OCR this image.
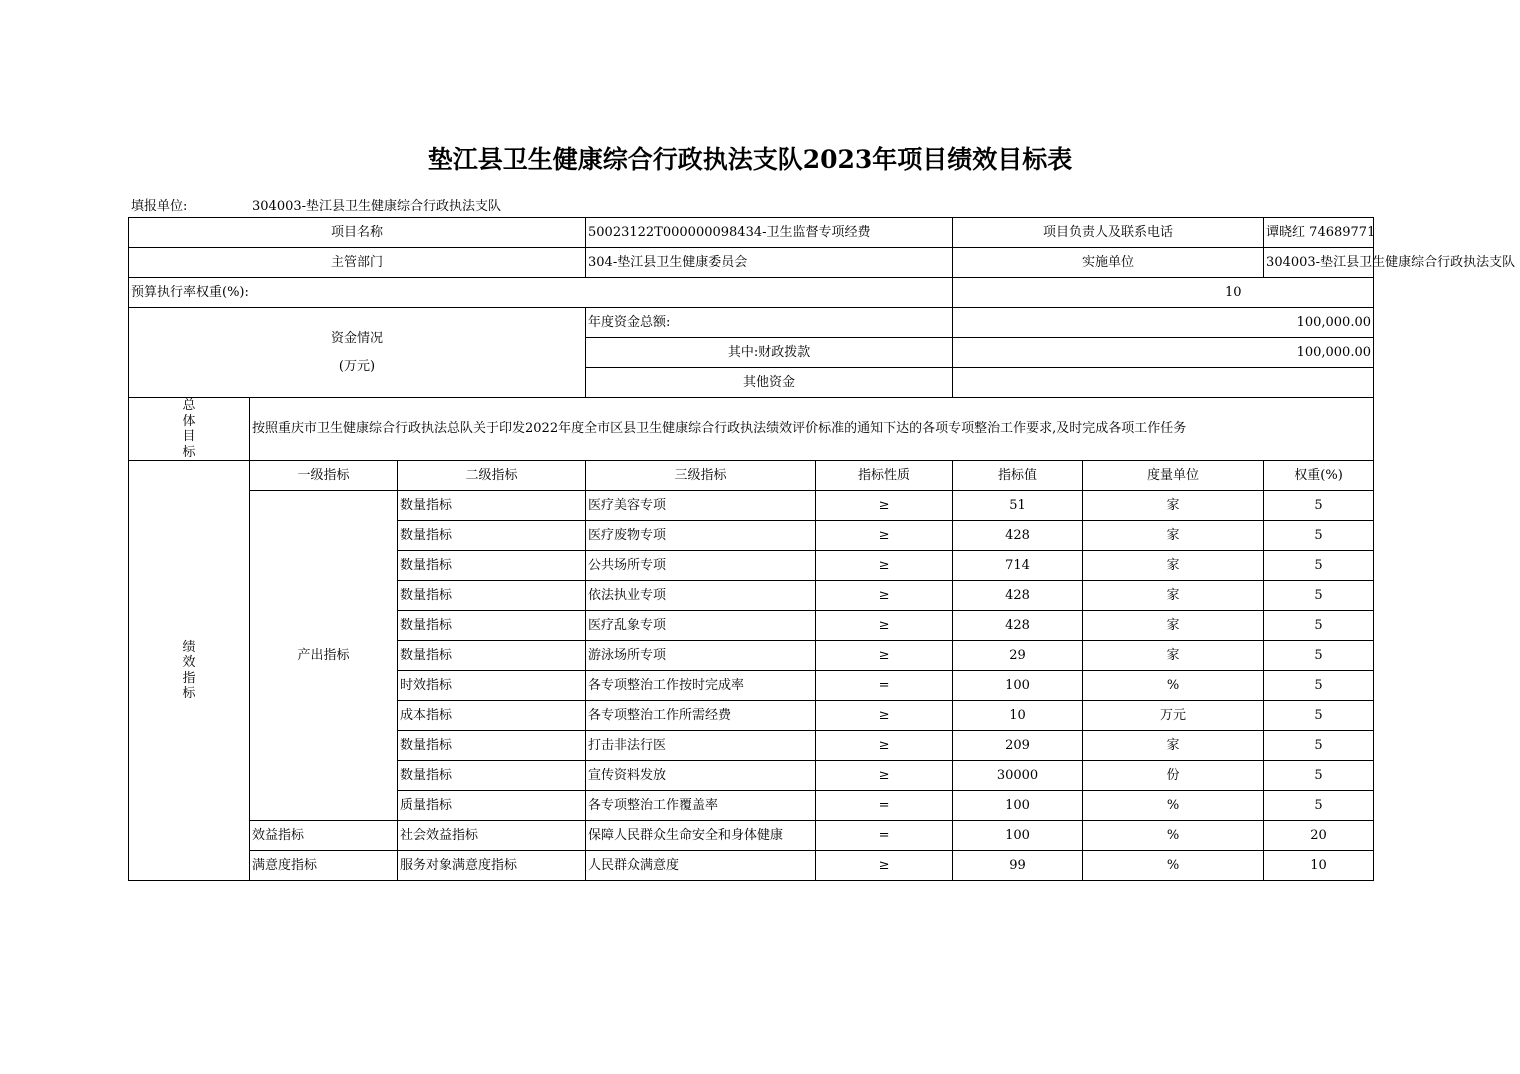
垫江县卫生健康综合行政执法支队2023年项目绩效目标表
填报单位:	304003-垫江县卫生健康综合行政执法支队
项目名称			50023122T000000098434-卫生监督专项经费		项目负责人及联系电话		谭晓红 74689771
主管部门			304-垫江县卫生健康委员会		实施单位		304003-垫江县卫生健康综合行政执法支队
预算执行率权重(%):					10		

资金情况
(万元)			年度资金总额:		100,000.00		
			其中:财政拨款		100,000.00		
			其他资金				

总
体
目
标	按照重庆市卫生健康综合行政执法总队关于印发2022年度全市区县卫生健康综合行政执法绩效评价标准的通知下达的各项专项整治工作要求,及时完成各项工作任务						

绩
效
指
标	一级指标	二级指标	三级指标	指标性质	指标值	度量单位	权重(%)
	产出指标	数量指标	医疗美容专项	≥	51	家	5
		数量指标	医疗废物专项	≥	428	家	5
		数量指标	公共场所专项	≥	714	家	5
		数量指标	依法执业专项	≥	428	家	5
		数量指标	医疗乱象专项	≥	428	家	5
		数量指标	游泳场所专项	≥	29	家	5
		时效指标	各专项整治工作按时完成率	=	100	%	5
		成本指标	各专项整治工作所需经费	≥	10	万元	5
		数量指标	打击非法行医	≥	209	家	5
		数量指标	宣传资料发放	≥	30000	份	5
		质量指标	各专项整治工作覆盖率	=	100	%	5
	效益指标	社会效益指标	保障人民群众生命安全和身体健康	=	100	%	20
	满意度指标	服务对象满意度指标	人民群众满意度	≥	99	%	10
